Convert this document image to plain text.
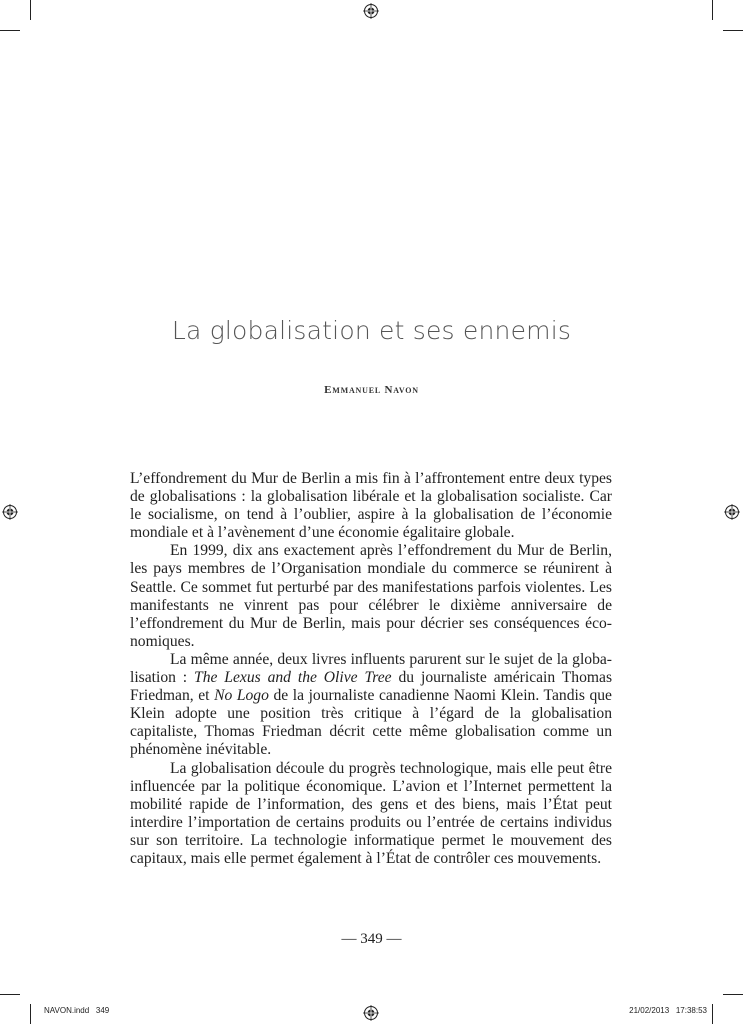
La globalisation et ses ennemis
Emmanuel Navon

L’effondrement du Mur de Berlin a mis fin à l’affrontement entre deux types de globalisations : la globalisation libérale et la globalisation socialiste. Car le socialisme, on tend à l’oublier, aspire à la globalisation de l’économie mondiale et à l’avènement d’une économie égalitaire globale.

En 1999, dix ans exactement après l’effondrement du Mur de Berlin, les pays membres de l’Organisation mondiale du commerce se réunirent à Seattle. Ce sommet fut perturbé par des manifestations parfois violentes. Les manifestants ne vinrent pas pour célébrer le dixième anniversaire de l’effondrement du Mur de Berlin, mais pour décrier ses conséquences économiques.

La même année, deux livres influents parurent sur le sujet de la globalisation : The Lexus and the Olive Tree du journaliste américain Thomas Friedman, et No Logo de la journaliste canadienne Naomi Klein. Tandis que Klein adopte une position très critique à l’égard de la globalisation capitaliste, Thomas Friedman décrit cette même globalisation comme un phénomène inévitable.

La globalisation découle du progrès technologique, mais elle peut être influencée par la politique économique. L’avion et l’Internet permettent la mobilité rapide de l’information, des gens et des biens, mais l’État peut interdire l’importation de certains produits ou l’entrée de certains individus sur son territoire. La technologie informatique permet le mouvement des capitaux, mais elle permet également à l’État de contrôler ces mouvements.

— 349 —
NAVON.indd   349	21/02/2013   17:38:53
